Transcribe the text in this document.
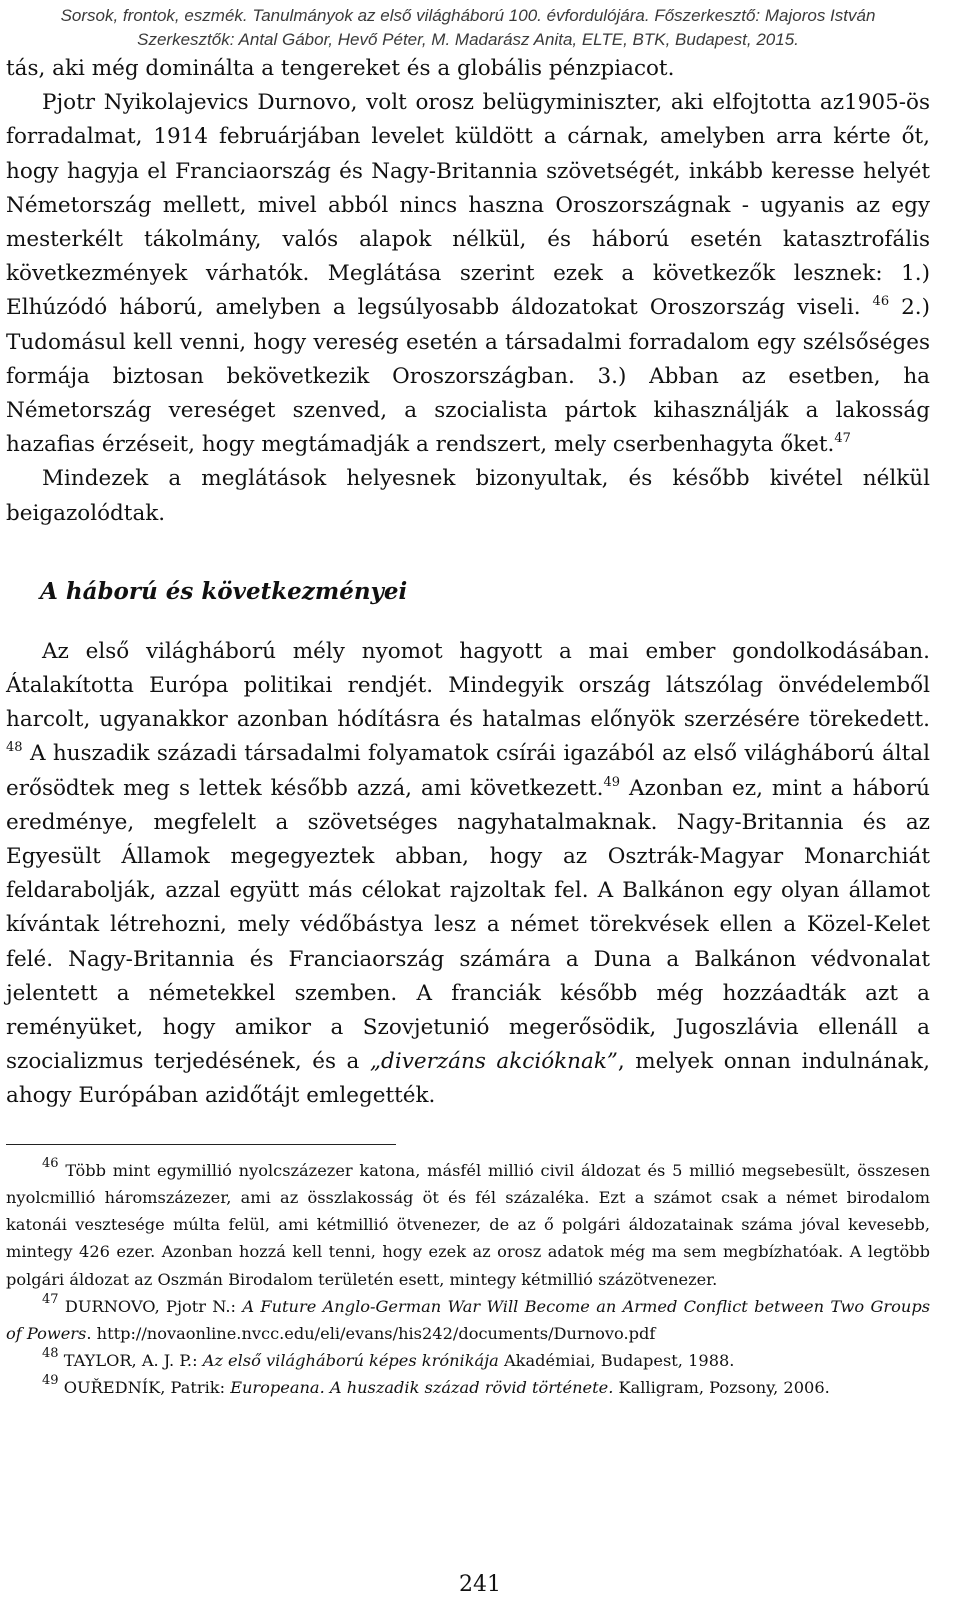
Sorsok, frontok, eszmék. Tanulmányok az első világháború 100. évfordulójára. Főszerkesztő: Majoros István
Szerkesztők: Antal Gábor, Hevő Péter, M. Madarász Anita, ELTE, BTK, Budapest, 2015.

tás, aki még dominálta a tengereket és a globális pénzpiacot.

Pjotr Nyikolajevics Durnovo, volt orosz belügyminiszter, aki elfojtotta az1905-ös forradalmat, 1914 februárjában levelet küldött a cárnak, amelyben arra kérte őt, hogy hagyja el Franciaország és Nagy-Britannia szövetségét, inkább keresse helyét Németország mellett, mivel abból nincs haszna Oroszországnak - ugyanis az egy mesterkélt tákolmány, valós alapok nélkül, és háború esetén katasztrofális következmények várhatók. Meglátása szerint ezek a következők lesznek: 1.) Elhúzódó háború, amelyben a legsúlyosabb áldozatokat Oroszország viseli. $^{46}$ 2.) Tudomásul kell venni, hogy vereség esetén a társadalmi forradalom egy szélsőséges formája biztosan bekövetkezik Oroszországban. 3.) Abban az esetben, ha Németország vereséget szenved, a szocialista pártok kihasználják a lakosság hazafias érzéseit, hogy megtámadják a rendszert, mely cserbenhagyta őket.$^{47}$

Mindezek a meglátások helyesnek bizonyultak, és később kivétel nélkül beigazolódtak.

A háború és következményei

Az első világháború mély nyomot hagyott a mai ember gondolkodásában. Átalakította Európa politikai rendjét. Mindegyik ország látszólag önvédelemből harcolt, ugyanakkor azonban hódításra és hatalmas előnyök szerzésére törekedett. $^{48}$ A huszadik századi társadalmi folyamatok csírái igazából az első világháború által erősödtek meg s lettek később azzá, ami következett.$^{49}$ Azonban ez, mint a háború eredménye, megfelelt a szövetséges nagyhatalmaknak. Nagy-Britannia és az Egyesült Államok megegyeztek abban, hogy az Osztrák-Magyar Monarchiát feldarabolják, azzal együtt más célokat rajzoltak fel. A Balkánon egy olyan államot kívántak létrehozni, mely védőbástya lesz a német törekvések ellen a Közel-Kelet felé. Nagy-Britannia és Franciaország számára a Duna a Balkánon védvonalat jelentett a németekkel szemben. A franciák később még hozzáadták azt a reményüket, hogy amikor a Szovjetunió megerősödik, Jugoszlávia ellenáll a szocializmus terjedésének, és a „diverzáns akcióknak”, melyek onnan indulnának, ahogy Európában azidőtájt emlegették.

$^{46}$ Több mint egymillió nyolcszázezer katona, másfél millió civil áldozat és 5 millió megsebesült, összesen nyolcmillió háromszázezer, ami az összlakosság öt és fél százaléka. Ezt a számot csak a német birodalom katonái vesztesége múlta felül, ami kétmillió ötvenezer, de az ő polgári áldozatainak száma jóval kevesebb, mintegy 426 ezer. Azonban hozzá kell tenni, hogy ezek az orosz adatok még ma sem megbízhatóak. A legtöbb polgári áldozat az Oszmán Birodalom területén esett, mintegy kétmillió százötvenezer.

$^{47}$ DURNOVO, Pjotr N.: A Future Anglo-German War Will Become an Armed Conflict between Two Groups of Powers. http://novaonline.nvcc.edu/eli/evans/his242/documents/Durnovo.pdf

$^{48}$ TAYLOR, A. J. P.: Az első világháború képes krónikája Akadémiai, Budapest, 1988.

$^{49}$ OUŘEDNÍK, Patrik: Europeana. A huszadik század rövid története. Kalligram, Pozsony, 2006.

241
